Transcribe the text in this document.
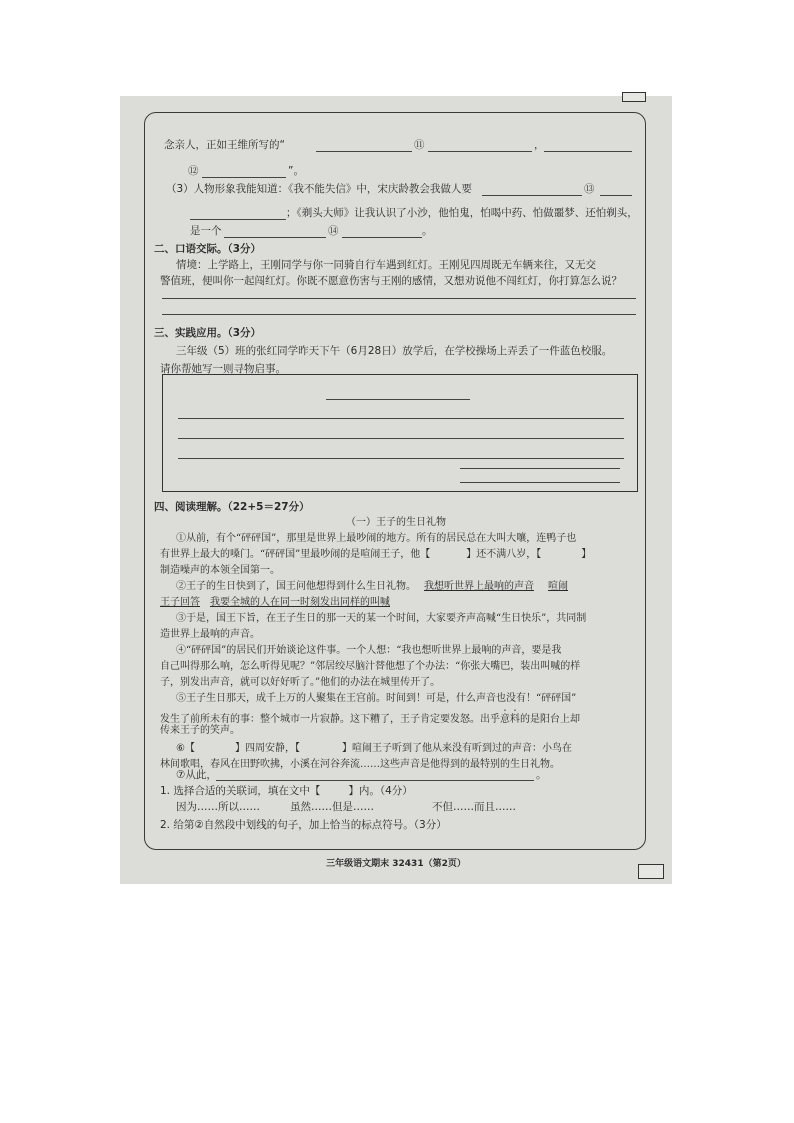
念亲人，正如王维所写的“	⑪	，
⑫	”。
（3）人物形象我能知道：《我不能失信》中，宋庆龄教会我做人要	⑬
；《剃头大师》让我认识了小沙，他怕鬼，怕喝中药、怕做噩梦、还怕剃头，
是一个	⑭	。
二、口语交际。（3分）
情境：上学路上，王刚同学与你一同骑自行车遇到红灯。王刚见四周既无车辆来往，又无交
警值班，便叫你一起闯红灯。你既不愿意伤害与王刚的感情，又想劝说他不闯红灯，你打算怎么说？
三、实践应用。（3分）
三年级（5）班的张红同学昨天下午（6月28日）放学后，在学校操场上弄丢了一件蓝色校服。
请你帮她写一则寻物启事。
四、阅读理解。（22+5＝27分）
（一）王子的生日礼物
①从前，有个“砰砰国”，那里是世界上最吵闹的地方。所有的居民总在大叫大嚷，连鸭子也
有世界上最大的嗓门。“砰砰国”里最吵闹的是喧闹王子，他【	】还不满八岁，【	】
制造噪声的本领全国第一。
②王子的生日快到了，国王问他想得到什么生日礼物。 我想听世界上最响的声音 喧闹
王子回答 我要全城的人在同一时刻发出同样的叫喊
③于是，国王下旨，在王子生日的那一天的某一个时间，大家要齐声高喊“生日快乐”，共同制
造世界上最响的声音。
④“砰砰国”的居民们开始谈论这件事。一个人想：“我也想听世界上最响的声音，要是我
自己叫得那么响，怎么听得见呢？”邻居绞尽脑汁替他想了个办法：“你张大嘴巴，装出叫喊的样
子，别发出声音，就可以好好听了。”他们的办法在城里传开了。
⑤王子生日那天，成千上万的人聚集在王宫前。时间到！可是，什么声音也没有！“砰砰国”
发生了前所未有的事：整个城市一片寂静。这下糟了，王子肯定要发怒。出乎意料的是阳台上却
传来王子的笑声。
⑥【	】四周安静，【	】喧闹王子听到了他从来没有听到过的声音：小鸟在
林间歌唱，春风在田野吹拂，小溪在河谷奔流……这些声音是他得到的最特别的生日礼物。
⑦从此，	。
1. 选择合适的关联词，填在文中【	】内。（4分）
因为……所以……	虽然……但是……	不但……而且……
2. 给第②自然段中划线的句子，加上恰当的标点符号。（3分）
三年级语文期末 32431（第2页）
